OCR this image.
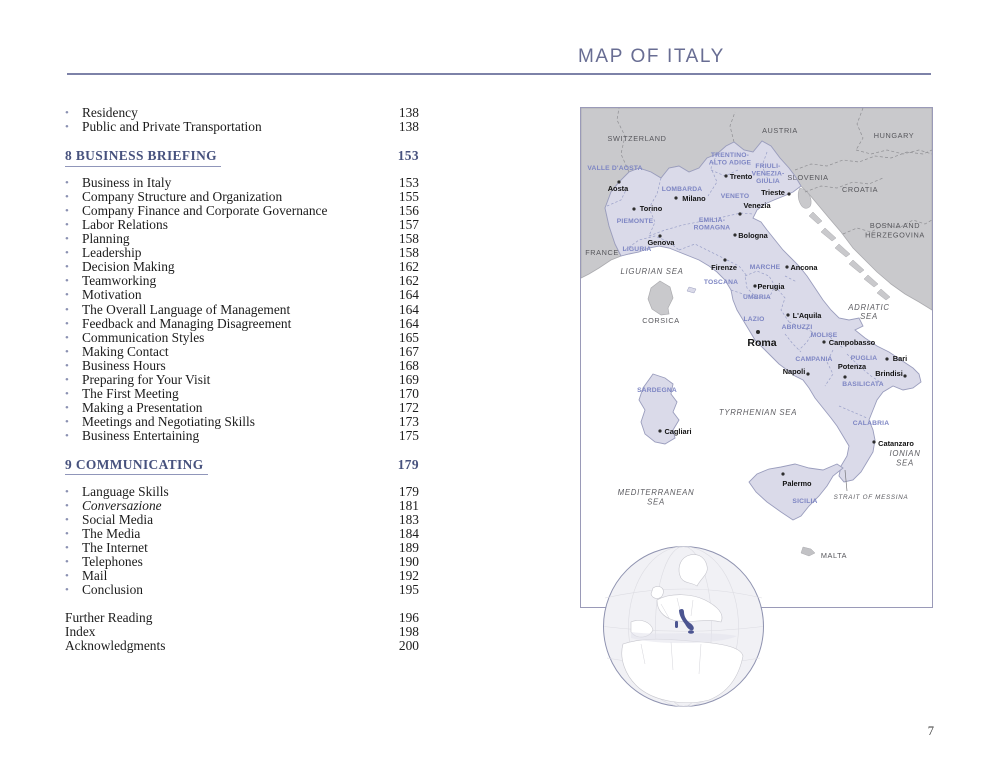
MAP OF ITALY
•
Residency	138
•
Public and Private Transportation	138
8 BUSINESS BRIEFING	153
•
Business in Italy	153
•
Company Structure and Organization	155
•
Company Finance and Corporate Governance	156
•
Labor Relations	157
•
Planning	158
•
Leadership	158
•
Decision Making	162
•
Teamworking	162
•
Motivation	164
•
The Overall Language of Management	164
•
Feedback and Managing Disagreement	164
•
Communication Styles	165
•
Making Contact	167
•
Business Hours	168
•
Preparing for Your Visit	169
•
The First Meeting	170
•
Making a Presentation	172
•
Meetings and Negotiating Skills	173
•
Business Entertaining	175
9 COMMUNICATING	179
•
Language Skills	179
•
Conversazione	181
•
Social Media	183
•
The Media	184
•
The Internet	189
•
Telephones	190
•
Mail	192
•
Conclusion	195
Further Reading	196
Index	198
Acknowledgments	200
SWITZERLAND
AUSTRIA
HUNGARY
SLOVENIA
CROATIA
BOSNIA AND HERZEGOVINA
FRANCE
CORSICA
MALTA
LIGURIAN SEA
ADRIATIC SEA
TYRRHENIAN SEA
MEDITERRANEAN SEA
IONIAN SEA
STRAIT OF MESSINA
VALLE D'AOSTA
TRENTINO-ALTO ADIGE FRIULI-VENEZIA-GIULIA
LOMBARDA
VENETO
PIEMONTE	EMILIA-ROMAGNA
LIGURIA
TOSCANA
MARCHE
UMBRIA
LAZIO
ABRUZZI
MOLISE
CAMPANIA	PUGLIA
BASILICATA
CALABRIA
SARDEGNA
SICILIA
Aosta
Trento
Milano
Torino
Trieste
Venezia
Genova
Bologna
Firenze	Ancona
Perugia
L'Aquila
Roma	Campobasso
Napoli
Potenza
Bari
Brindisi
Catanzaro
Cagliari
Palermo
7
